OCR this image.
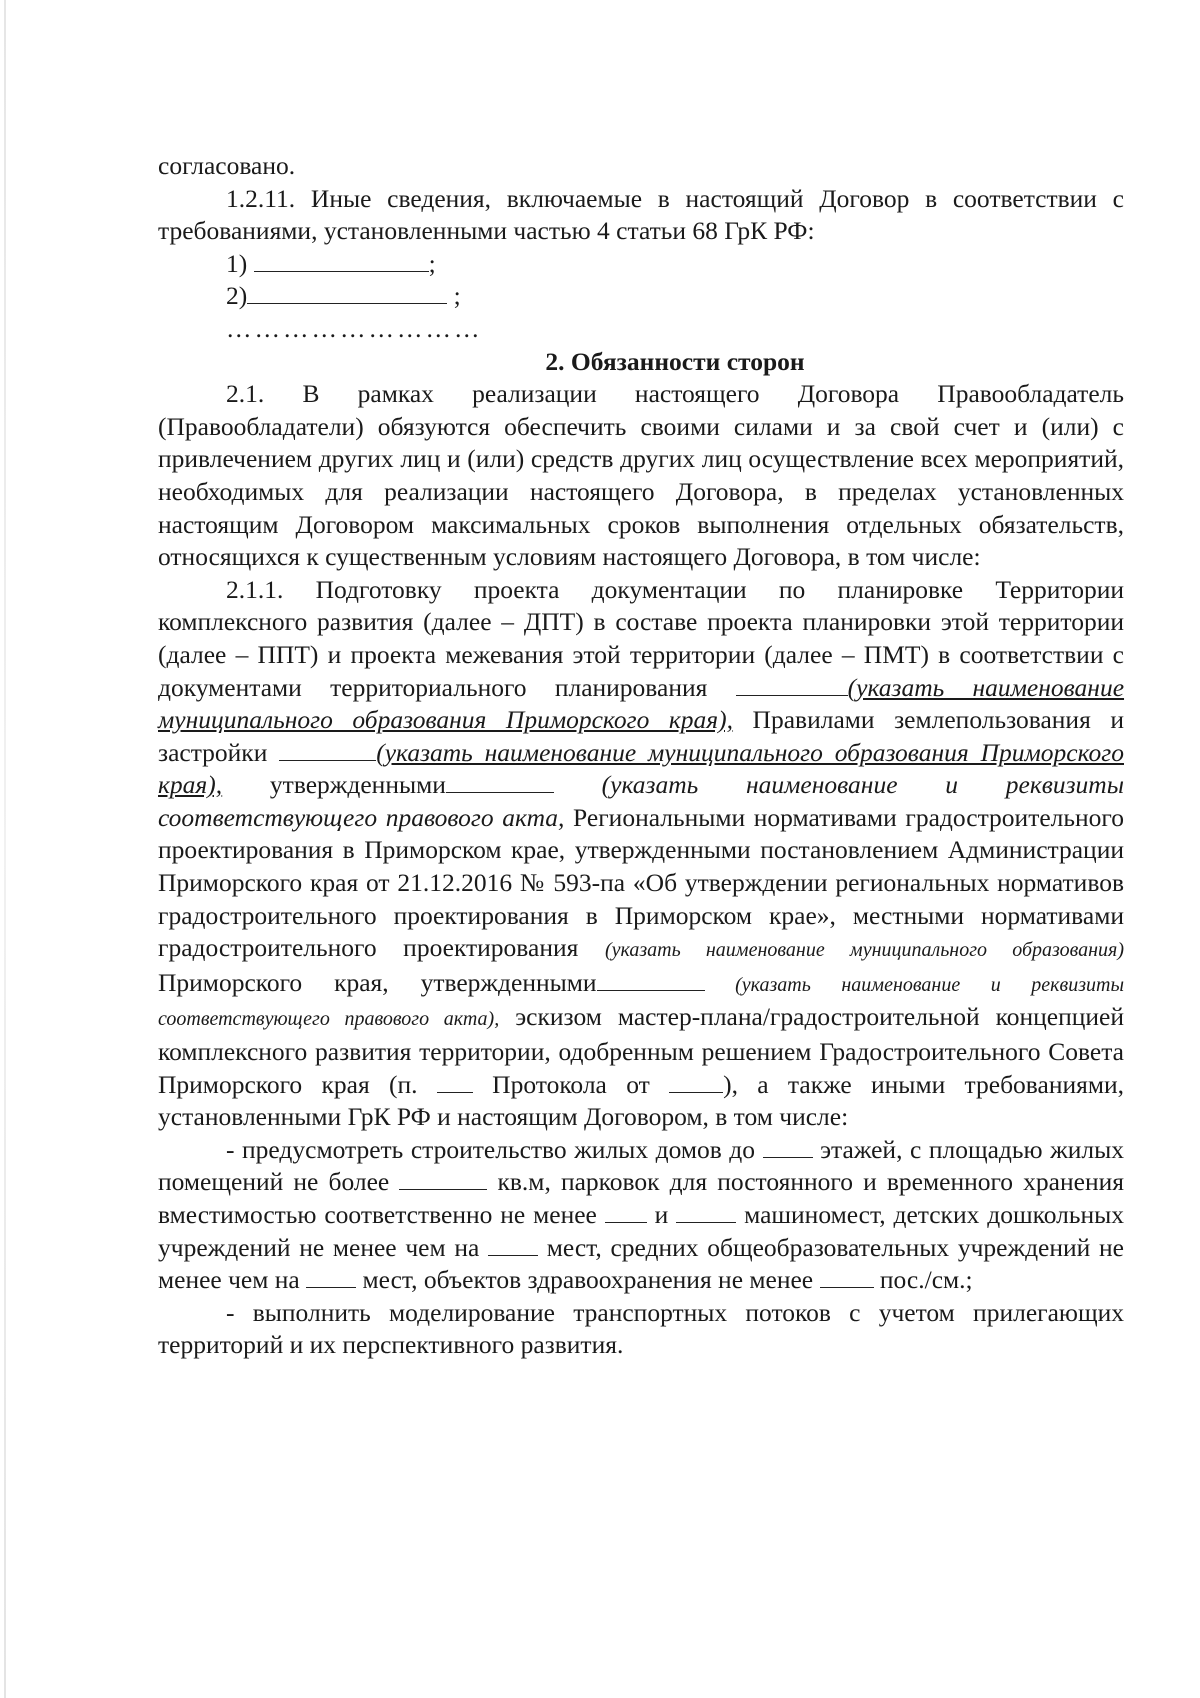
согласовано.

1.2.11. Иные сведения, включаемые в настоящий Договор в соответствии с требованиями, установленными частью 4 статьи 68 ГрК РФ:

1)	;

2)	;

………………………

2. Обязанности сторон

2.1. В рамках реализации настоящего Договора Правообладатель (Правообладатели) обязуются обеспечить своими силами и за свой счет и (или) с привлечением других лиц и (или) средств других лиц осуществление всех мероприятий, необходимых для реализации настоящего Договора, в пределах установленных настоящим Договором максимальных сроков выполнения отдельных обязательств, относящихся к существенным условиям настоящего Договора, в том числе:

2.1.1. Подготовку проекта документации по планировке Территории комплексного развития (далее – ДПТ) в составе проекта планировки этой территории (далее – ППТ) и проекта межевания этой территории (далее – ПМТ) в соответствии с документами территориального планирования	(указать наименование муниципального образования Приморского края), Правилами землепользования и застройки	(указать наименование муниципального образования Приморского края), утвержденными	(указать наименование и реквизиты соответствующего правового акта, Региональными нормативами градостроительного проектирования в Приморском крае, утвержденными постановлением Администрации Приморского края от 21.12.2016 № 593-па «Об утверждении региональных нормативов градостроительного проектирования в Приморском крае», местными нормативами градостроительного проектирования (указать наименование муниципального образования) Приморского края, утвержденными	(указать наименование и реквизиты соответствующего правового акта), эскизом мастер-плана/градостроительной концепцией комплексного развития территории, одобренным решением Градостроительного Совета Приморского края (п.  Протокола от ), а также иными требованиями, установленными ГрК РФ и настоящим Договором, в том числе:

- предусмотреть строительство жилых домов до  этажей, с площадью жилых помещений не более	кв.м, парковок для постоянного и временного хранения вместимостью соответственно не менее  и  машиномест, детских дошкольных учреждений не менее чем на  мест, средних общеобразовательных учреждений не менее чем на  мест, объектов здравоохранения не менее  пос./см.;

- выполнить моделирование транспортных потоков с учетом прилегающих территорий и их перспективного развития.
